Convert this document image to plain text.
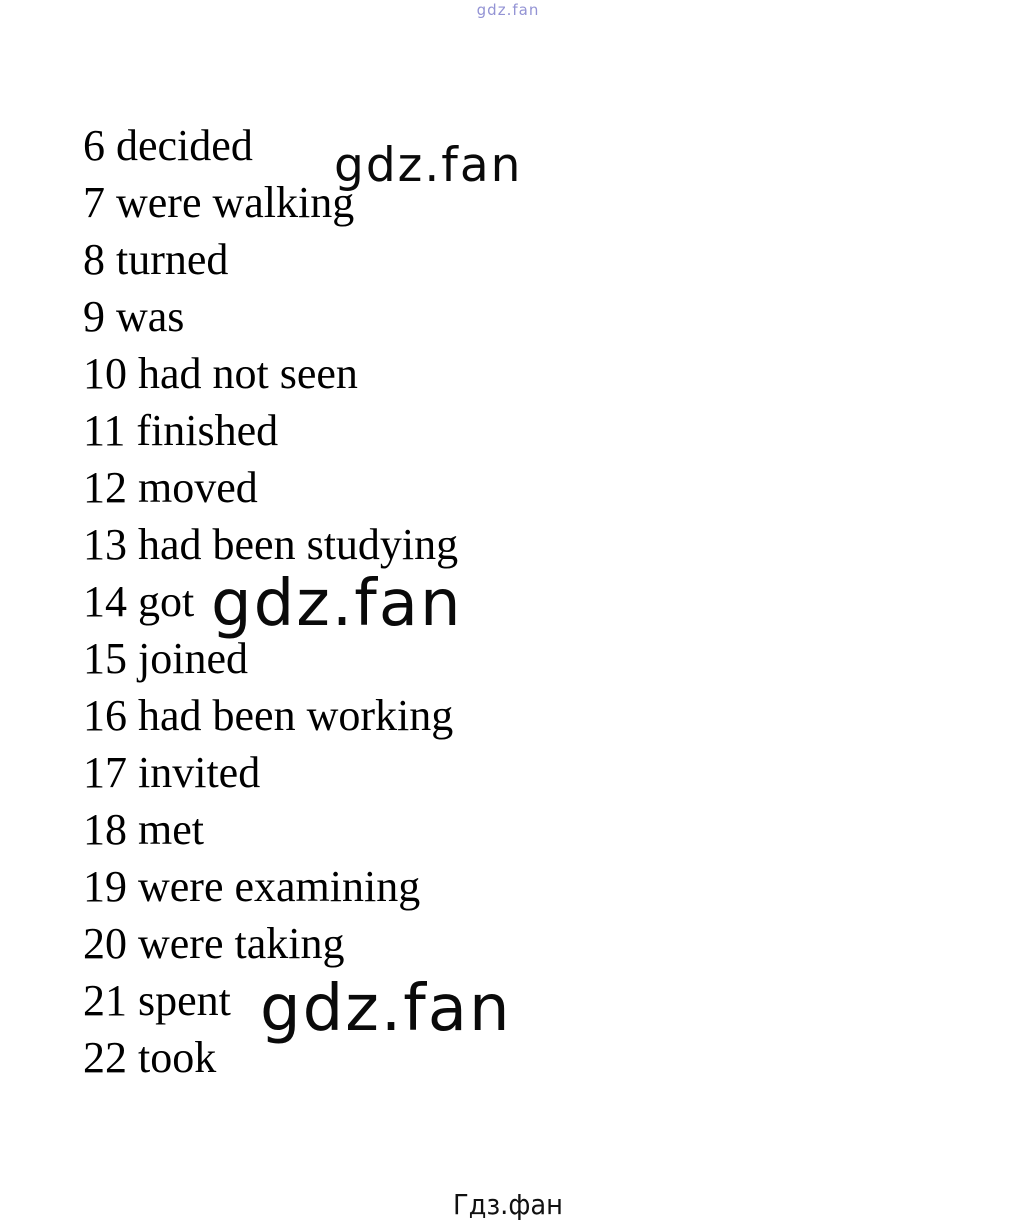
gdz.fan
6 decided
7 were walking
8 turned
9 was
10 had not seen
11 finished
12 moved
13 had been studying
14 got
15 joined
16 had been working
17 invited
18 met
19 were examining
20 were taking
21 spent
22 took
gdz.fan
gdz.fan
gdz.fan
Гдз.фан
